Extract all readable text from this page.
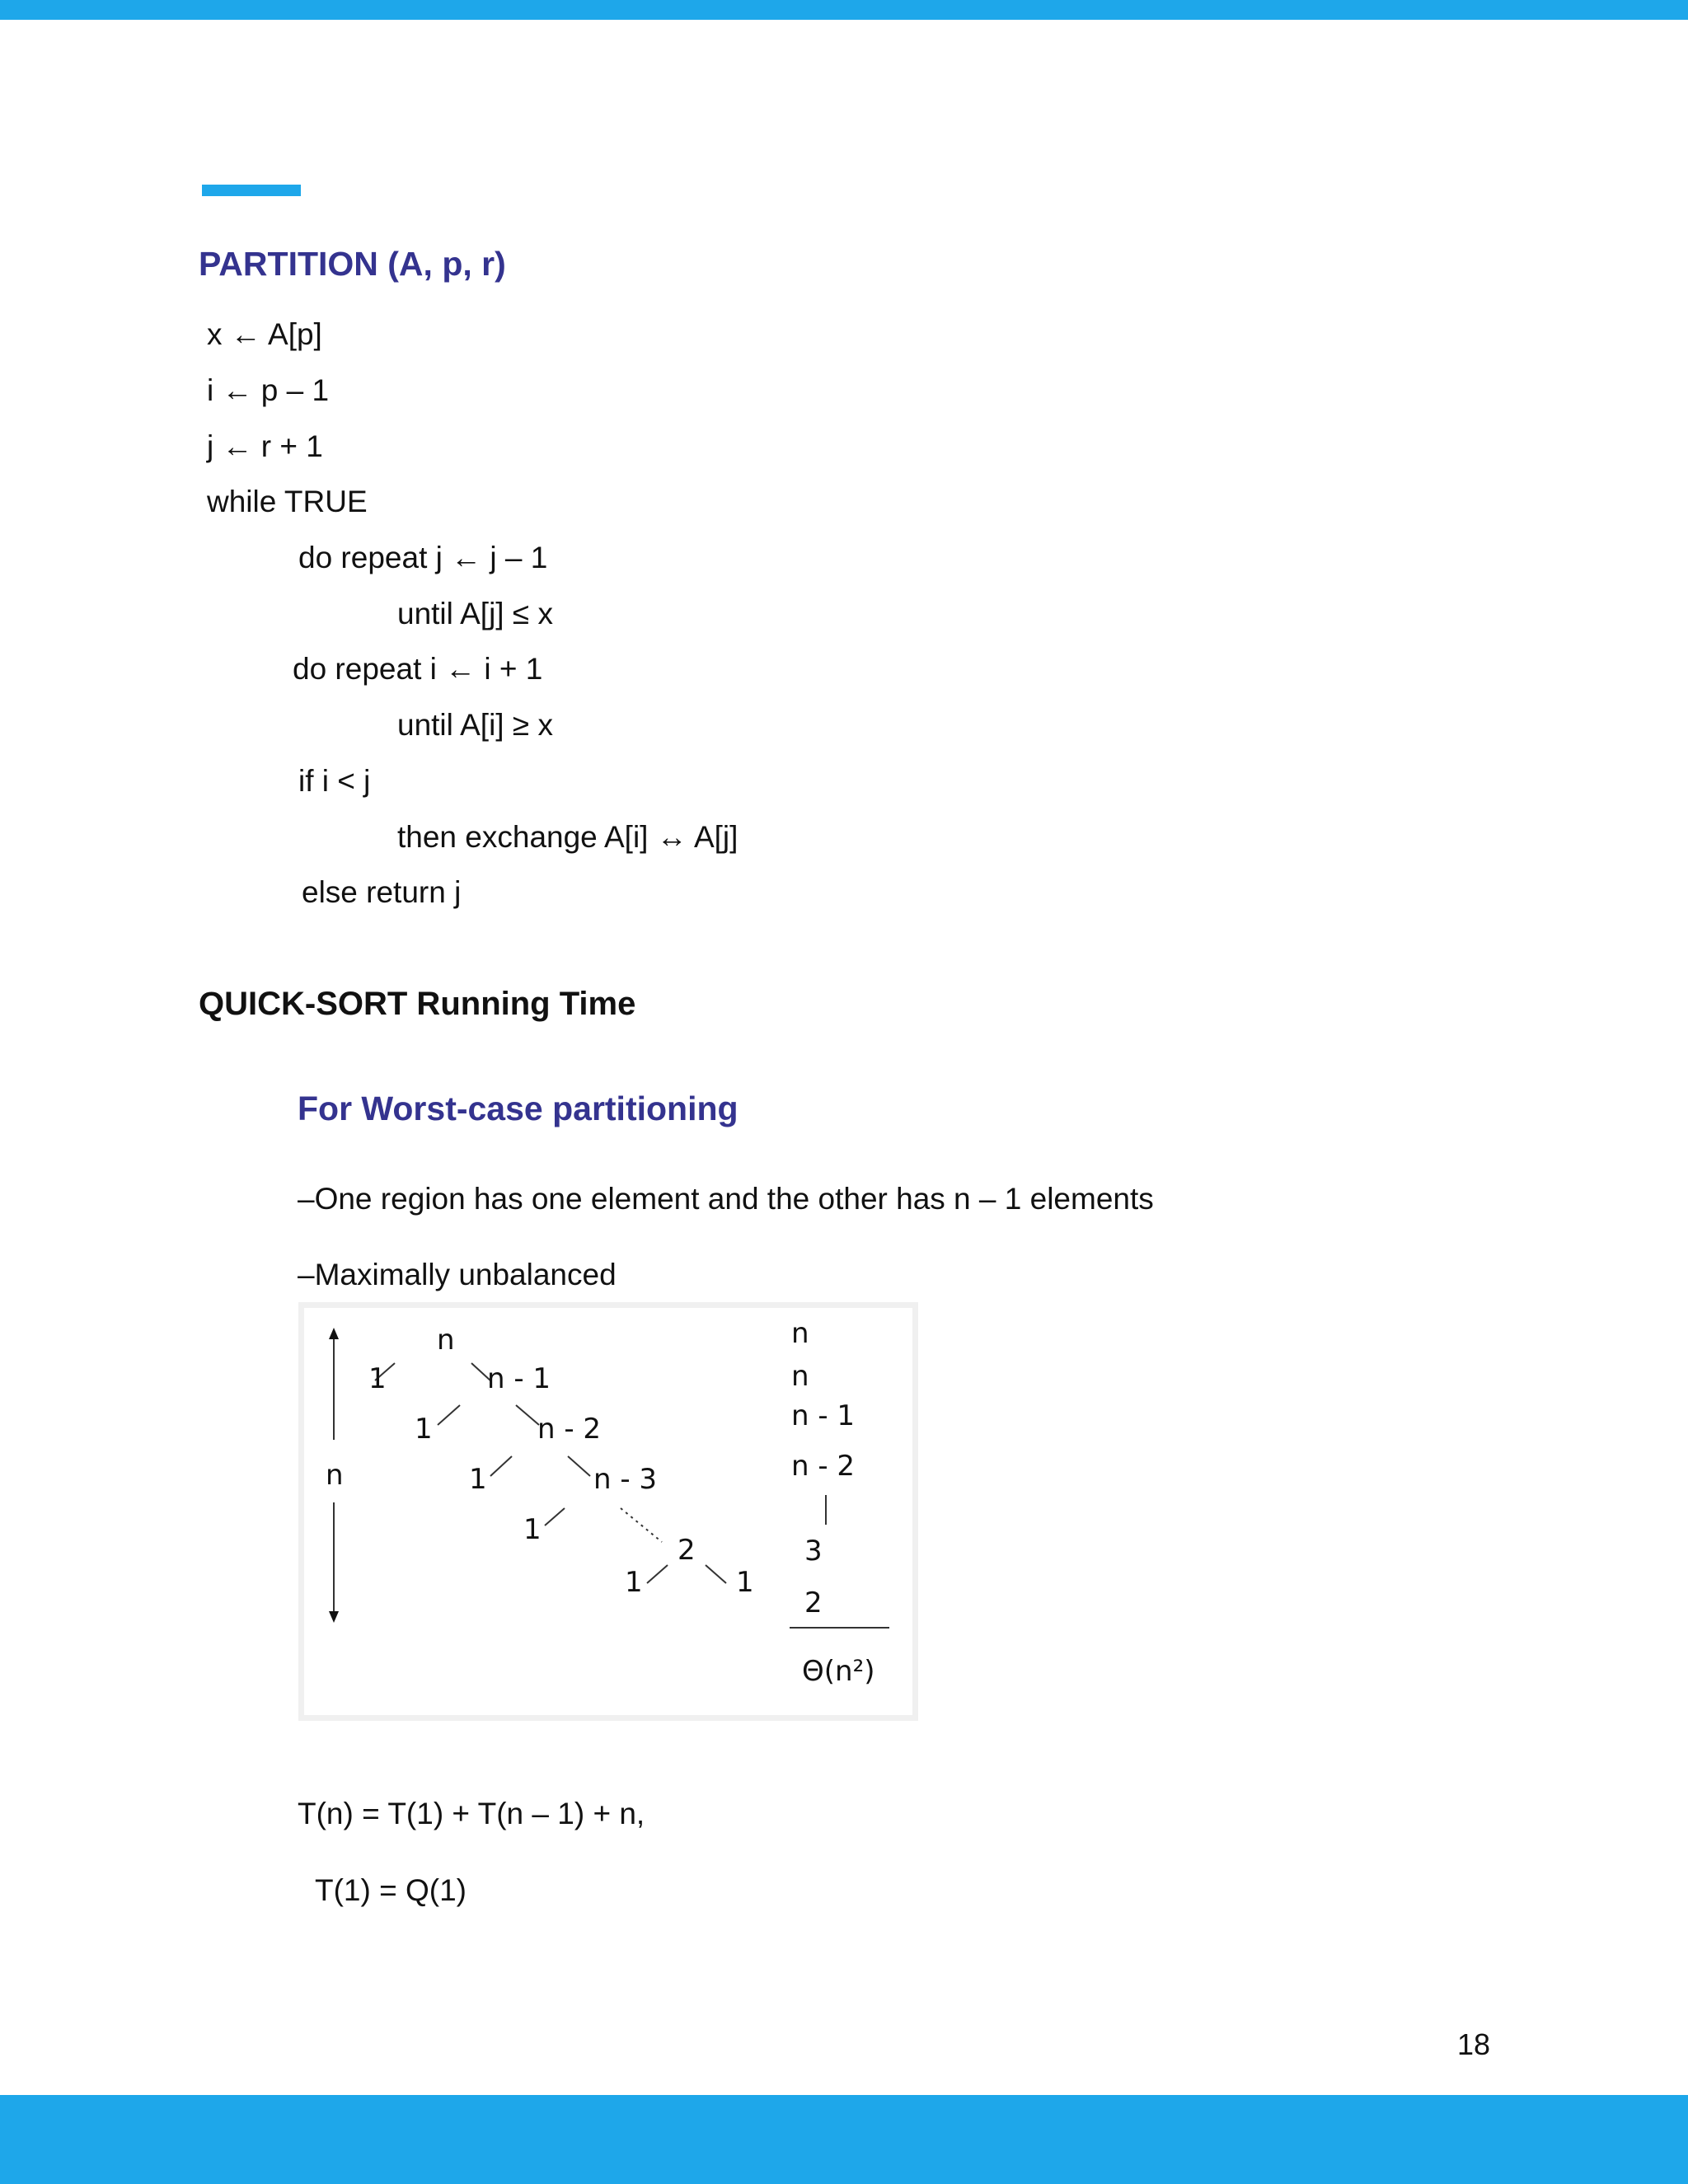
PARTITION (A, p, r)
x ← A[p]
i ← p – 1
j ← r + 1
while TRUE
do repeat j ← j – 1
until A[j] ≤ x
do repeat i ← i + 1
until A[i] ≥ x
if i < j
then exchange A[i] ↔ A[j]
else return j
QUICK-SORT Running Time
For Worst-case partitioning
–One region has one element and the other has n – 1 elements
–Maximally unbalanced
n
n
1	n - 1
1	n - 2
1	n - 3
1
2
1	1
n
n
n - 1
n - 2
3
2
Θ(n²)
T(n) = T(1) + T(n – 1) + n,
T(1) = Q(1)
18
